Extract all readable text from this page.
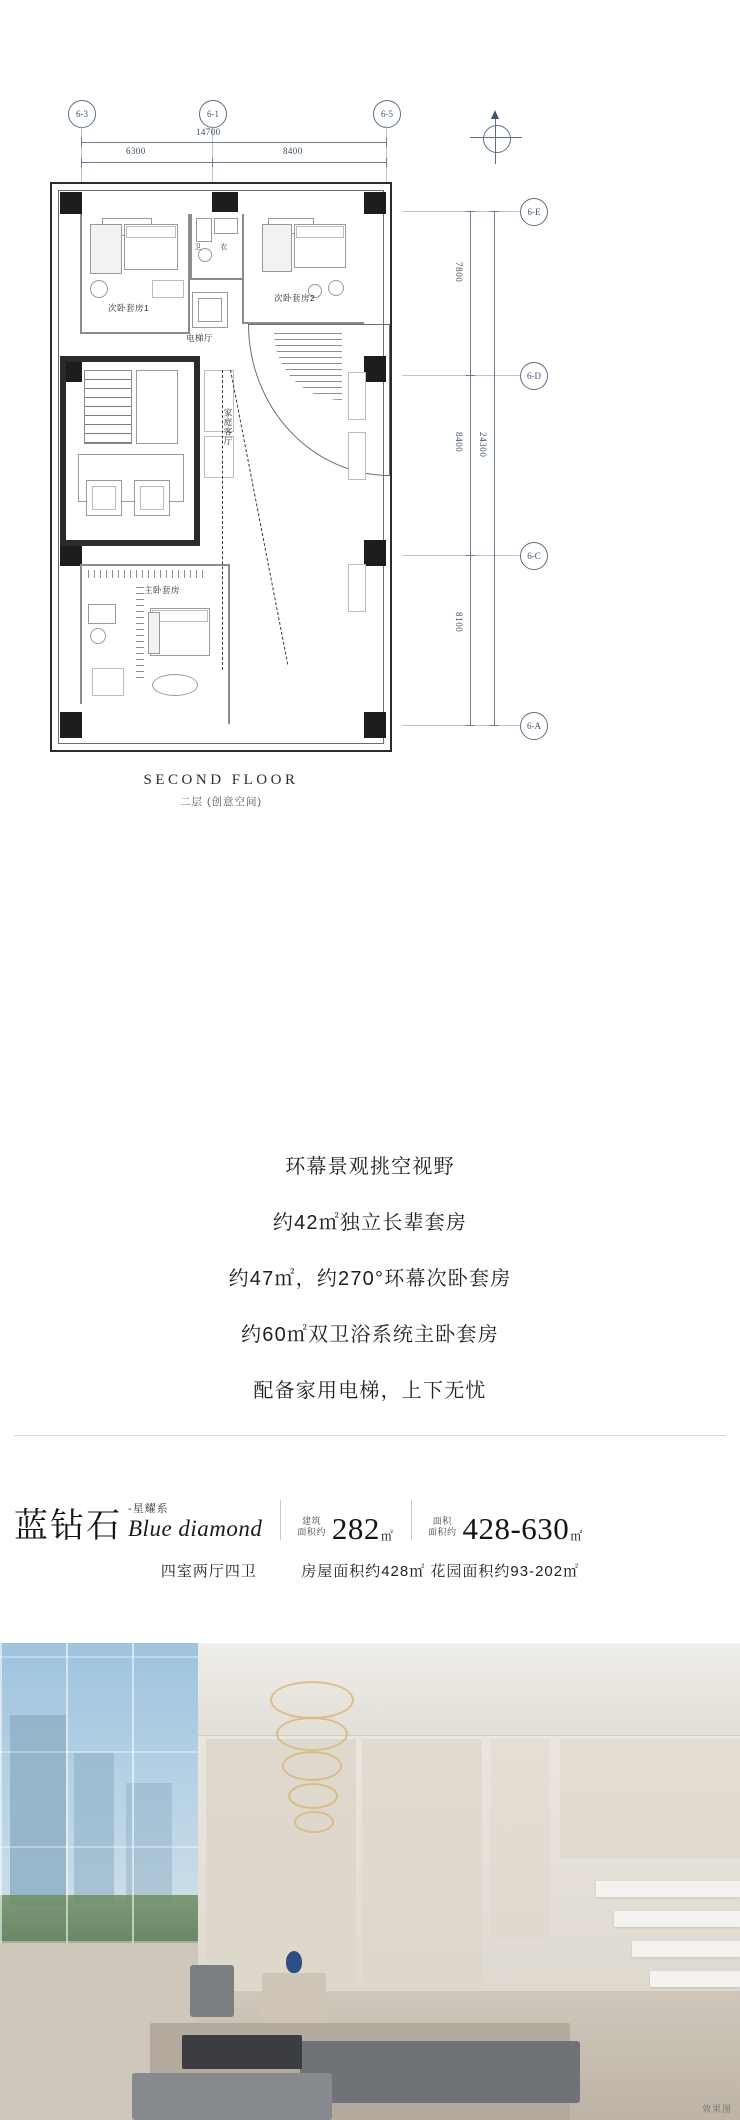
6-3	6-1	6-5
14700
6300	8400
6-E
6-D
6-C
6-A
7800
8400
8100
24300
次卧套房1
卫	衣
次卧套房2
电梯厅
家庭客厅
主卧套房
SECOND FLOOR
二层 (创意空间)

环幕景观挑空视野

约42㎡独立长辈套房

约47㎡，约270°环幕次卧套房

约60㎡双卫浴系统主卧套房

配备家用电梯，上下无忧

蓝钻石 -星耀系
Blue diamond	建筑
面积约 282 ㎡
面积
面积约 428-630 ㎡
四室两厅四卫	房屋面积约428㎡ 花园面积约93-202㎡
效果图
